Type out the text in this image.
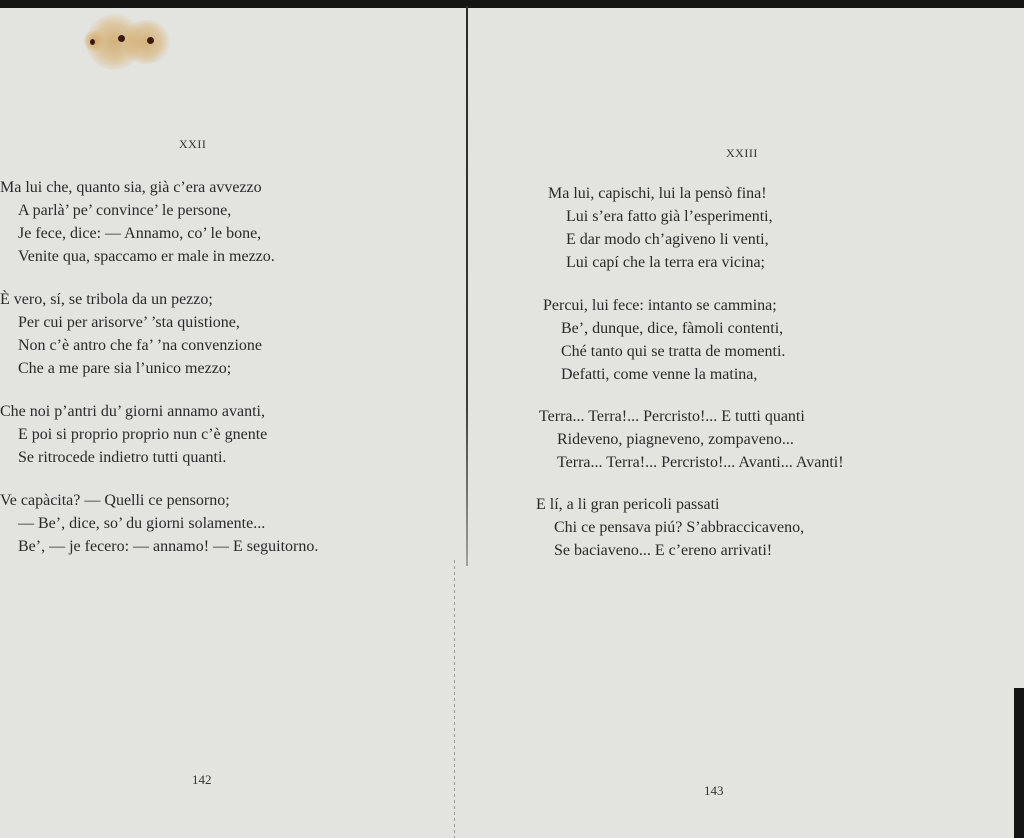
XXII
Ma lui che, quanto sia, già c’era avvezzo
A parlà’ pe’ convince’ le persone,
Je fece, dice: — Annamo, co’ le bone,
Venite qua, spaccamo er male in mezzo.
È vero, sí, se tribola da un pezzo;
Per cui per arisorve’ ’sta quistione,
Non c’è antro che fa’ ’na convenzione
Che a me pare sia l’unico mezzo;
Che noi p’antri du’ giorni annamo avanti,
E poi si proprio proprio nun c’è gnente
Se ritrocede indietro tutti quanti.
Ve capàcita? — Quelli ce pensorno;
— Be’, dice, so’ du giorni solamente...
Be’, — je fecero: — annamo! — E seguitorno.
142
XXIII
Ma lui, capischi, lui la pensò fina!
Lui s’era fatto già l’esperimenti,
E dar modo ch’agiveno li venti,
Lui capí che la terra era vicina;
Percui, lui fece: intanto se cammina;
Be’, dunque, dice, fàmoli contenti,
Ché tanto qui se tratta de momenti.
Defatti, come venne la matina,
Terra... Terra!... Percristo!... E tutti quanti
Rideveno, piagneveno, zompaveno...
Terra... Terra!... Percristo!... Avanti... Avanti!
E lí, a li gran pericoli passati
Chi ce pensava piú? S’abbraccicaveno,
Se baciaveno... E c’ereno arrivati!
143
